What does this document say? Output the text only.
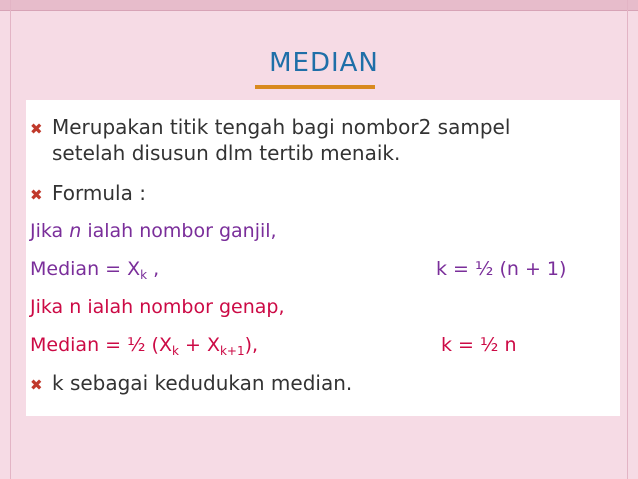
MEDIAN
✖ Merupakan titik tengah bagi nombor2 sampel
setelah disusun dlm tertib menaik.
✖ Formula :
Jika n ialah nombor ganjil,
Median = $X_k$ ,	k = ½ (n + 1)
Jika n ialah nombor genap,
Median = ½ $(X_k + X_{k+1})$,	k = ½ n
✖ k sebagai kedudukan median.
